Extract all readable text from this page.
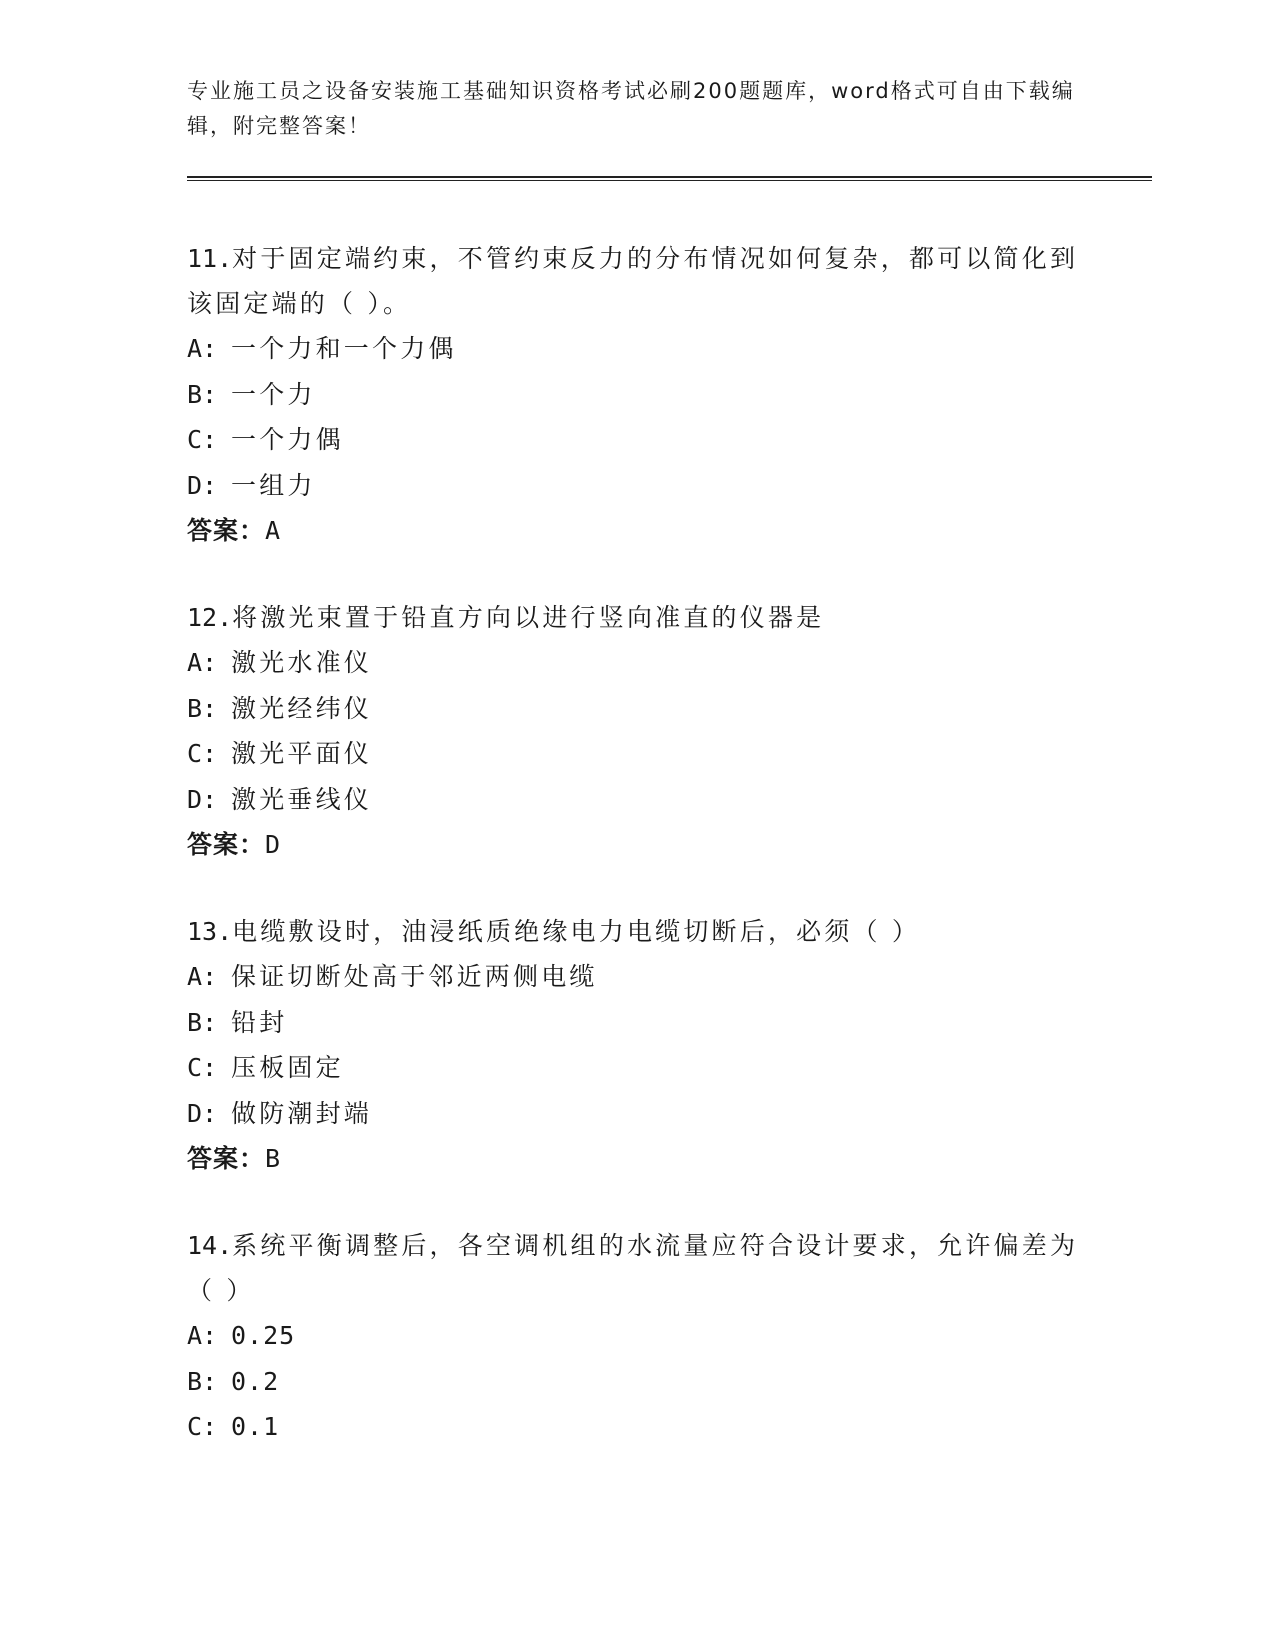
专业施工员之设备安装施工基础知识资格考试必刷200题题库，word格式可自由下载编辑，附完整答案！
11.对于固定端约束，不管约束反力的分布情况如何复杂，都可以简化到该固定端的（ ）。
A: 一个力和一个力偶
B: 一个力
C: 一个力偶
D: 一组力
答案：A
12.将激光束置于铅直方向以进行竖向准直的仪器是
A: 激光水准仪
B: 激光经纬仪
C: 激光平面仪
D: 激光垂线仪
答案：D
13.电缆敷设时，油浸纸质绝缘电力电缆切断后，必须（ ）
A: 保证切断处高于邻近两侧电缆
B: 铅封
C: 压板固定
D: 做防潮封端
答案：B
14.系统平衡调整后，各空调机组的水流量应符合设计要求，允许偏差为（ ）
A: 0.25
B: 0.2
C: 0.1
